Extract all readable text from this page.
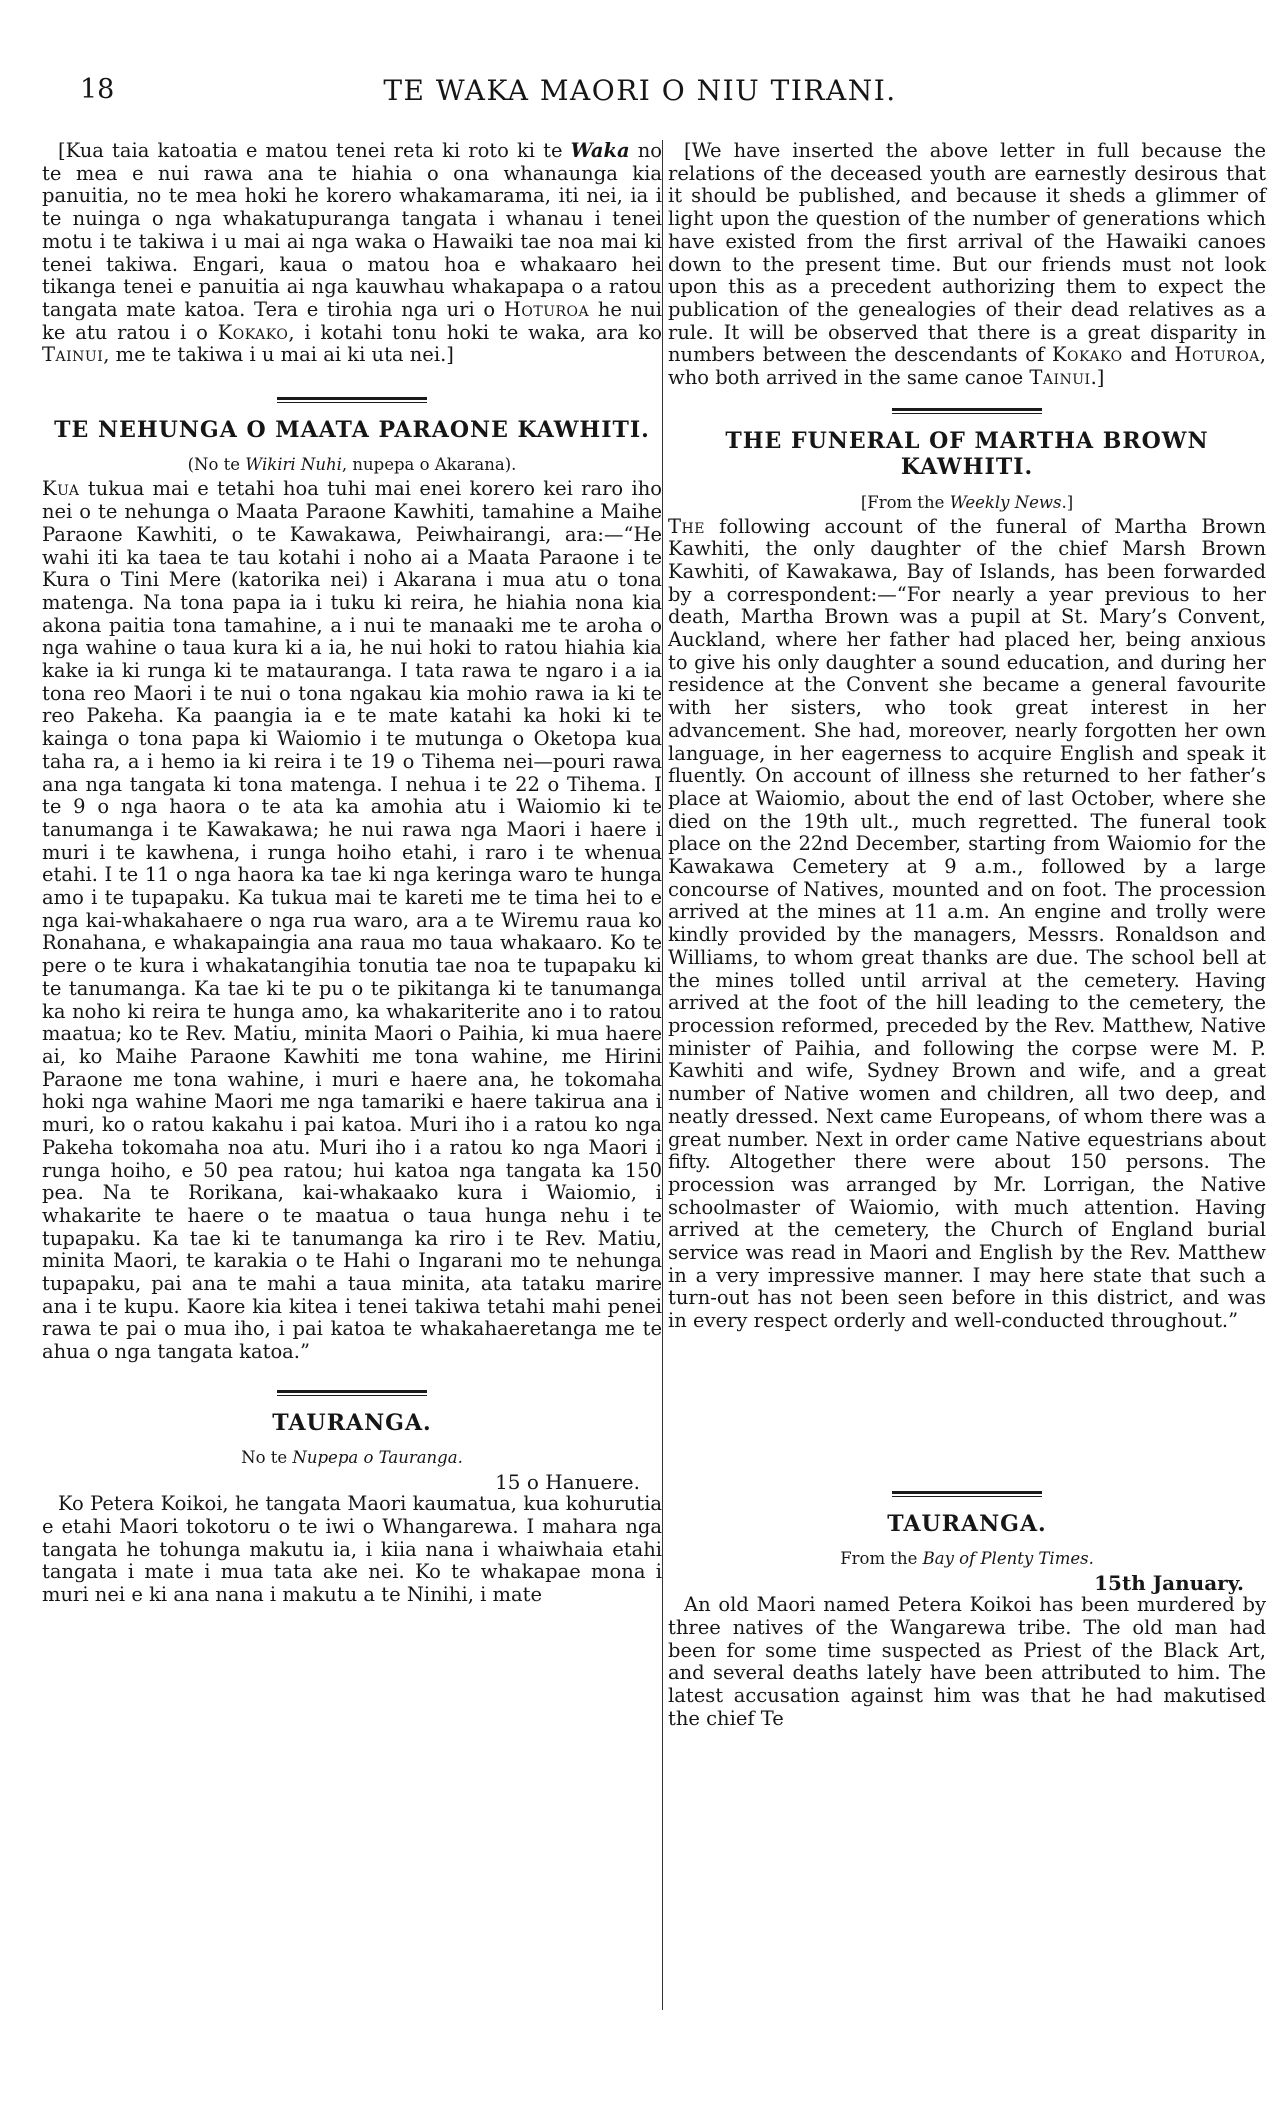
18	TE WAKA MAORI O NIU TIRANI.

[Kua taia katoatia e matou tenei reta ki roto ki te Waka no te mea e nui rawa ana te hiahia o ona whanaunga kia panuitia, no te mea hoki he korero whakamarama, iti nei, ia i te nuinga o nga whakatupuranga tangata i whanau i tenei motu i te takiwa i u mai ai nga waka o Hawaiki tae noa mai ki tenei takiwa. Engari, kaua o matou hoa e whakaaro hei tikanga tenei e panuitia ai nga kauwhau whakapapa o a ratou tangata mate katoa. Tera e tirohia nga uri o Hoturoa he nui ke atu ratou i o Kokako, i kotahi tonu hoki te waka, ara ko Tainui, me te takiwa i u mai ai ki uta nei.]

TE NEHUNGA O MAATA PARAONE KAWHITI.

(No te Wikiri Nuhi, nupepa o Akarana).

Kua tukua mai e tetahi hoa tuhi mai enei korero kei raro iho nei o te nehunga o Maata Paraone Kawhiti, tamahine a Maihe Paraone Kawhiti, o te Kawakawa, Peiwhairangi, ara:—“He wahi iti ka taea te tau kotahi i noho ai a Maata Paraone i te Kura o Tini Mere (katorika nei) i Akarana i mua atu o tona matenga. Na tona papa ia i tuku ki reira, he hiahia nona kia akona paitia tona tamahine, a i nui te manaaki me te aroha o nga wahine o taua kura ki a ia, he nui hoki to ratou hiahia kia kake ia ki runga ki te matauranga. I tata rawa te ngaro i a ia tona reo Maori i te nui o tona ngakau kia mohio rawa ia ki te reo Pakeha. Ka paangia ia e te mate katahi ka hoki ki te kainga o tona papa ki Waiomio i te mutunga o Oketopa kua taha ra, a i hemo ia ki reira i te 19 o Tihema nei—pouri rawa ana nga tangata ki tona matenga. I nehua i te 22 o Tihema. I te 9 o nga haora o te ata ka amohia atu i Waiomio ki te tanumanga i te Kawakawa; he nui rawa nga Maori i haere i muri i te kawhena, i runga hoiho etahi, i raro i te whenua etahi. I te 11 o nga haora ka tae ki nga keringa waro te hunga amo i te tupapaku. Ka tukua mai te kareti me te tima hei to e nga kai-whakahaere o nga rua waro, ara a te Wiremu raua ko Ronahana, e whakapaingia ana raua mo taua whakaaro. Ko te pere o te kura i whakatangihia tonutia tae noa te tupapaku ki te tanumanga. Ka tae ki te pu o te pikitanga ki te tanumanga ka noho ki reira te hunga amo, ka whakariterite ano i to ratou maatua; ko te Rev. Matiu, minita Maori o Paihia, ki mua haere ai, ko Maihe Paraone Kawhiti me tona wahine, me Hirini Paraone me tona wahine, i muri e haere ana, he tokomaha hoki nga wahine Maori me nga tamariki e haere takirua ana i muri, ko o ratou kakahu i pai katoa. Muri iho i a ratou ko nga Pakeha tokomaha noa atu. Muri iho i a ratou ko nga Maori i runga hoiho, e 50 pea ratou; hui katoa nga tangata ka 150 pea. Na te Rorikana, kai-whakaako kura i Waiomio, i whakarite te haere o te maatua o taua hunga nehu i te tupapaku. Ka tae ki te tanumanga ka riro i te Rev. Matiu, minita Maori, te karakia o te Hahi o Ingarani mo te nehunga tupapaku, pai ana te mahi a taua minita, ata tataku marire ana i te kupu. Kaore kia kitea i tenei takiwa tetahi mahi penei rawa te pai o mua iho, i pai katoa te whakahaeretanga me te ahua o nga tangata katoa.”

TAURANGA.

No te Nupepa o Tauranga.

15 o Hanuere.

Ko Petera Koikoi, he tangata Maori kaumatua, kua kohurutia e etahi Maori tokotoru o te iwi o Whangarewa. I mahara nga tangata he tohunga makutu ia, i kiia nana i whaiwhaia etahi tangata i mate i mua tata ake nei. Ko te whakapae mona i muri nei e ki ana nana i makutu a te Ninihi, i mate

[We have inserted the above letter in full because the relations of the deceased youth are earnestly desirous that it should be published, and because it sheds a glimmer of light upon the question of the number of generations which have existed from the first arrival of the Hawaiki canoes down to the present time. But our friends must not look upon this as a precedent authorizing them to expect the publication of the genealogies of their dead relatives as a rule. It will be observed that there is a great disparity in numbers between the descendants of Kokako and Hoturoa, who both arrived in the same canoe Tainui.]

THE FUNERAL OF MARTHA BROWN KAWHITI.

[From the Weekly News.]

The following account of the funeral of Martha Brown Kawhiti, the only daughter of the chief Marsh Brown Kawhiti, of Kawakawa, Bay of Islands, has been forwarded by a correspondent:—“For nearly a year previous to her death, Martha Brown was a pupil at St. Mary’s Convent, Auckland, where her father had placed her, being anxious to give his only daughter a sound education, and during her residence at the Convent she became a general favourite with her sisters, who took great interest in her advancement. She had, moreover, nearly forgotten her own language, in her eagerness to acquire English and speak it fluently. On account of illness she returned to her father’s place at Waiomio, about the end of last October, where she died on the 19th ult., much regretted. The funeral took place on the 22nd December, starting from Waiomio for the Kawakawa Cemetery at 9 a.m., followed by a large concourse of Natives, mounted and on foot. The procession arrived at the mines at 11 a.m. An engine and trolly were kindly provided by the managers, Messrs. Ronaldson and Williams, to whom great thanks are due. The school bell at the mines tolled until arrival at the cemetery. Having arrived at the foot of the hill leading to the cemetery, the procession reformed, preceded by the Rev. Matthew, Native minister of Paihia, and following the corpse were M. P. Kawhiti and wife, Sydney Brown and wife, and a great number of Native women and children, all two deep, and neatly dressed. Next came Europeans, of whom there was a great number. Next in order came Native equestrians about fifty. Altogether there were about 150 persons. The procession was arranged by Mr. Lorrigan, the Native schoolmaster of Waiomio, with much attention. Having arrived at the cemetery, the Church of England burial service was read in Maori and English by the Rev. Matthew in a very impressive manner. I may here state that such a turn-out has not been seen before in this district, and was in every respect orderly and well-conducted throughout.”

TAURANGA.

From the Bay of Plenty Times.

15th January.

An old Maori named Petera Koikoi has been murdered by three natives of the Wangarewa tribe. The old man had been for some time suspected as Priest of the Black Art, and several deaths lately have been attributed to him. The latest accusation against him was that he had makutised the chief Te
